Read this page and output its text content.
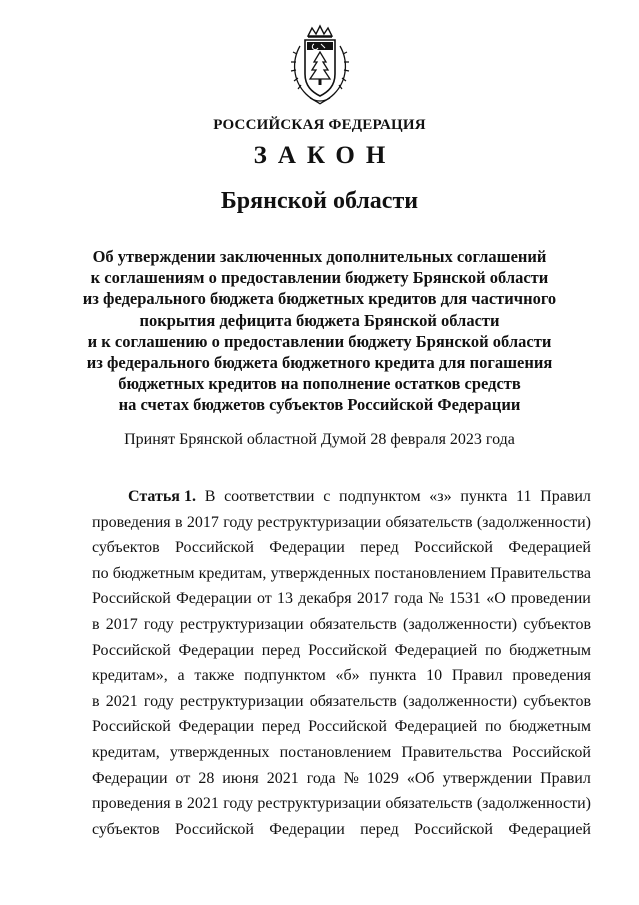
РОССИЙСКАЯ ФЕДЕРАЦИЯ
ЗАКОН
Брянской области
Об утверждении заключенных дополнительных соглашений
к соглашениям о предоставлении бюджету Брянской области
из федерального бюджета бюджетных кредитов для частичного
покрытия дефицита бюджета Брянской области
и к соглашению о предоставлении бюджету Брянской области
из федерального бюджета бюджетного кредита для погашения
бюджетных кредитов на пополнение остатков средств
на счетах бюджетов субъектов Российской Федерации
Принят Брянской областной Думой 28 февраля 2023 года
Статья 1. В соответствии с подпунктом «з» пункта 11 Правил
проведения в 2017 году реструктуризации обязательств (задолженности)
субъектов Российской Федерации перед Российской Федерацией
по бюджетным кредитам, утвержденных постановлением Правительства
Российской Федерации от 13 декабря 2017 года № 1531 «О проведении
в 2017 году реструктуризации обязательств (задолженности) субъектов
Российской Федерации перед Российской Федерацией по бюджетным
кредитам», а также подпунктом «б» пункта 10 Правил проведения
в 2021 году реструктуризации обязательств (задолженности) субъектов
Российской Федерации перед Российской Федерацией по бюджетным
кредитам, утвержденных постановлением Правительства Российской
Федерации от 28 июня 2021 года № 1029 «Об утверждении Правил
проведения в 2021 году реструктуризации обязательств (задолженности)
субъектов Российской Федерации перед Российской Федерацией
